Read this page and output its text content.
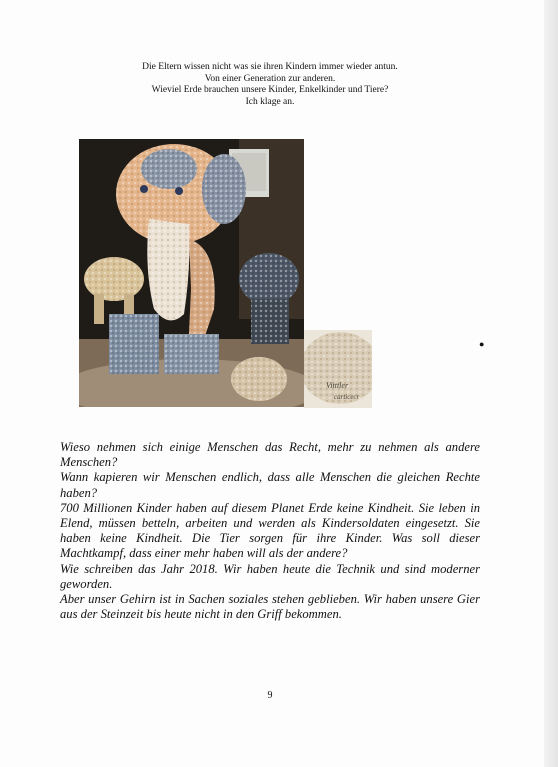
Die Eltern wissen nicht was sie ihren Kindern immer wieder antun.
Von einer Generation zur anderen.
Wieviel Erde brauchen unsere Kinder, Enkelkinder und Tiere?
Ich klage an.
Vitttler
carticecr
●

Wieso nehmen sich einige Menschen das Recht, mehr zu nehmen als andere Menschen?

Wann kapieren wir Menschen endlich, dass alle Menschen die gleichen Rechte haben?

700 Millionen Kinder haben auf diesem Planet Erde keine Kindheit. Sie leben in Elend, müssen betteln, arbeiten und werden als Kindersoldaten eingesetzt. Sie haben keine Kindheit. Die Tier sorgen für ihre Kinder. Was soll dieser Machtkampf, dass einer mehr haben will als der andere?

Wie schreiben das Jahr 2018. Wir haben heute die Technik und sind moderner geworden.

Aber unser Gehirn ist in Sachen soziales stehen geblieben. Wir haben unsere Gier aus der Steinzeit bis heute nicht in den Griff bekommen.

9
